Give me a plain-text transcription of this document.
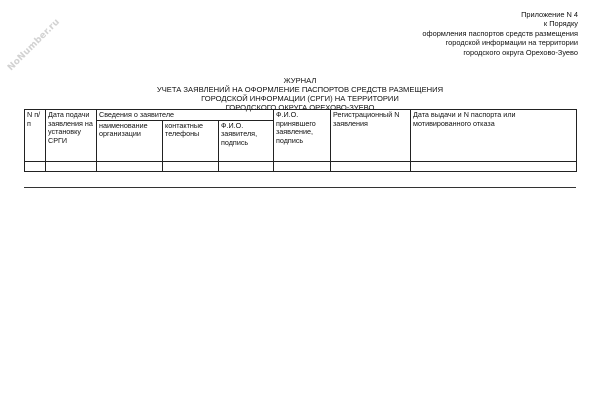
NoNumber.ru
Приложение N 4
к Порядку
оформления паспортов средств размещения
городской информации на территории
городского округа Орехово-Зуево
ЖУРНАЛ
УЧЕТА ЗАЯВЛЕНИЙ НА ОФОРМЛЕНИЕ ПАСПОРТОВ СРЕДСТВ РАЗМЕЩЕНИЯ
ГОРОДСКОЙ ИНФОРМАЦИИ (СРГИ) НА ТЕРРИТОРИИ
ГОРОДСКОГО ОКРУГА ОРЕХОВО-ЗУЕВО
N п/п	Дата подачи заявления на установку СРГИ	Сведения о заявителе			Ф.И.О. принявшего заявление, подпись	Регистрационный N заявления	Дата выдачи и N паспорта или мотивированного отказа
		наименование организации	контактные телефоны	Ф.И.О. заявителя, подпись			
